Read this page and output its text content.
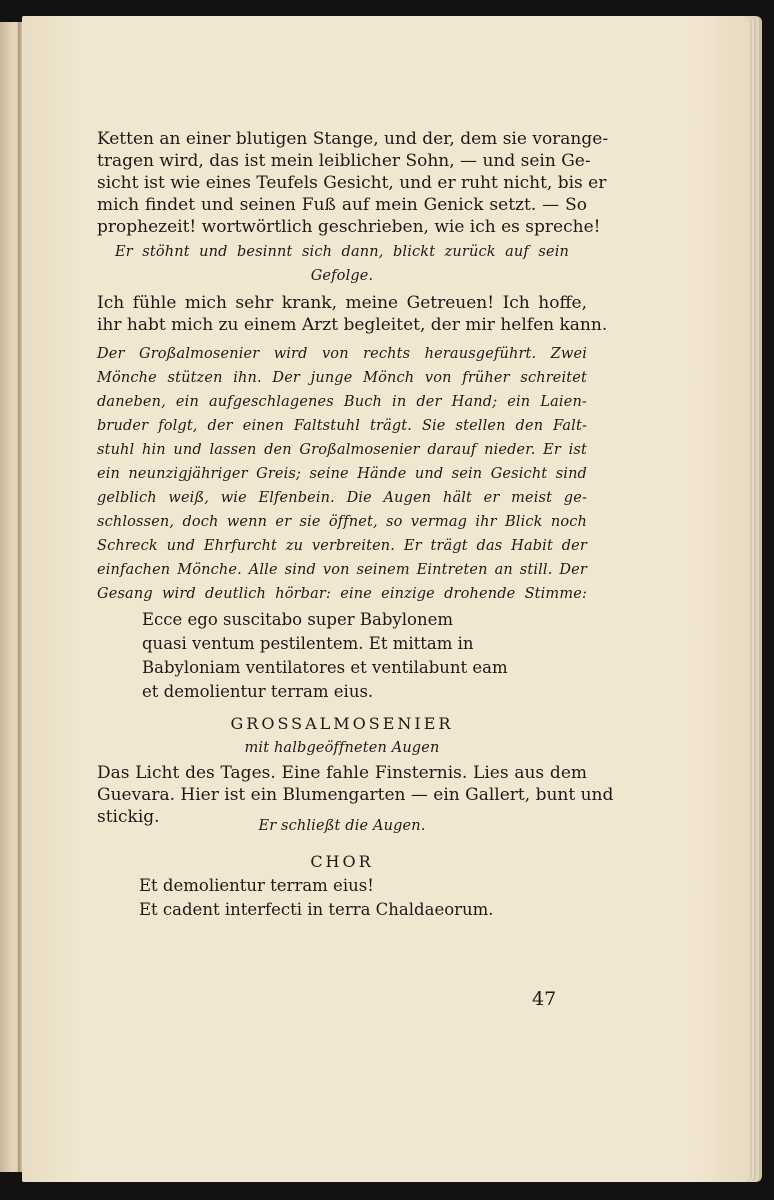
Ketten an einer blutigen Stange, und der, dem sie vorange-

tragen wird, das ist mein leiblicher Sohn, — und sein Ge-

sicht ist wie eines Teufels Gesicht, und er ruht nicht, bis er

mich findet und seinen Fuß auf mein Genick setzt. — So

prophezeit! wortwörtlich geschrieben, wie ich es spreche!

Er stöhnt und besinnt sich dann, blickt zurück auf sein

Gefolge.

Ich fühle mich sehr krank, meine Getreuen! Ich hoffe,

ihr habt mich zu einem Arzt begleitet, der mir helfen kann.

Der Großalmosenier wird von rechts herausgeführt. Zwei

Mönche stützen ihn. Der junge Mönch von früher schreitet

daneben, ein aufgeschlagenes Buch in der Hand; ein Laien-

bruder folgt, der einen Faltstuhl trägt. Sie stellen den Falt-

stuhl hin und lassen den Großalmosenier darauf nieder. Er ist

ein neunzigjähriger Greis; seine Hände und sein Gesicht sind

gelblich weiß, wie Elfenbein. Die Augen hält er meist ge-

schlossen, doch wenn er sie öffnet, so vermag ihr Blick noch

Schreck und Ehrfurcht zu verbreiten. Er trägt das Habit der

einfachen Mönche. Alle sind von seinem Eintreten an still. Der

Gesang wird deutlich hörbar: eine einzige drohende Stimme:

Ecce ego suscitabo super Babylonem

quasi ventum pestilentem. Et mittam in

Babyloniam ventilatores et ventilabunt eam

et demolientur terram eius.

GROSSALMOSENIER

mit halbgeöffneten Augen

Das Licht des Tages. Eine fahle Finsternis. Lies aus dem

Guevara. Hier ist ein Blumengarten — ein Gallert, bunt und

stickig.	Er schließt die Augen.

CHOR

Et demolientur terram eius!

Et cadent interfecti in terra Chaldaeorum.

47
